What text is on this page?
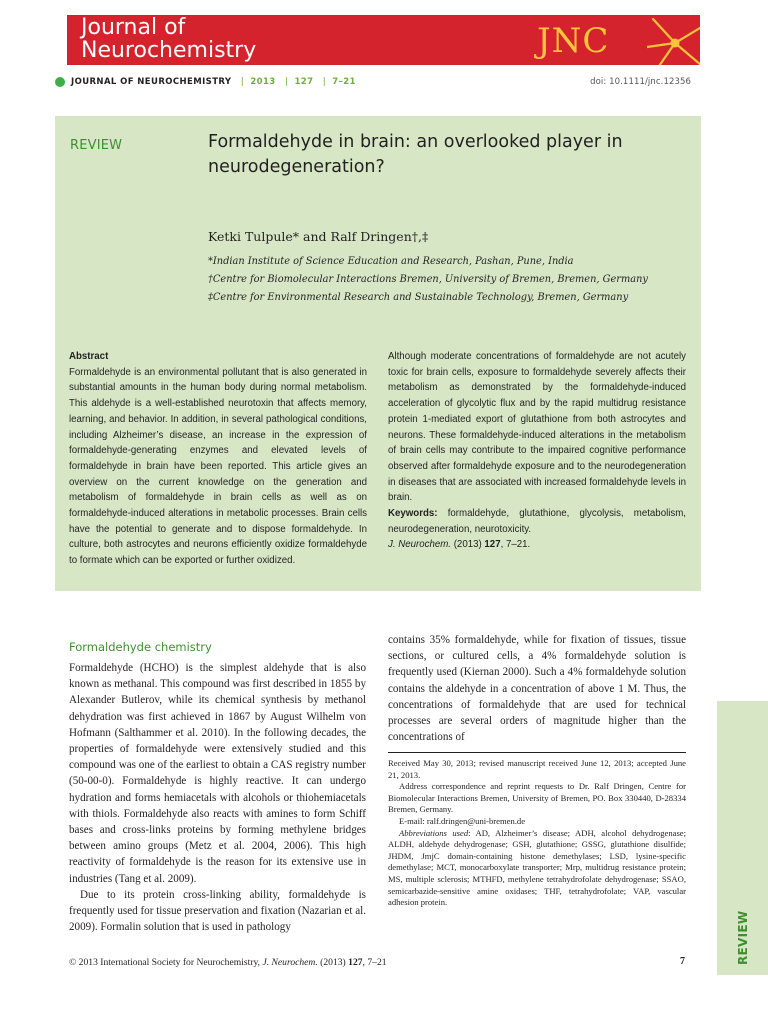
Journal of
Neurochemistry	JNC
JOURNAL OF NEUROCHEMISTRY | 2013 | 127 | 7–21	doi: 10.1111/jnc.12356
REVIEW	Formaldehyde in brain: an overlooked player in
neurodegeneration?
Ketki Tulpule* and Ralf Dringen†,‡
*Indian Institute of Science Education and Research, Pashan, Pune, India
†Centre for Biomolecular Interactions Bremen, University of Bremen, Bremen, Germany
‡Centre for Environmental Research and Sustainable Technology, Bremen, Germany
Abstract

Formaldehyde is an environmental pollutant that is also generated in substantial amounts in the human body during normal metabolism. This aldehyde is a well-established neurotoxin that affects memory, learning, and behavior. In addition, in several pathological conditions, including Alzheimer’s disease, an increase in the expression of formaldehyde-generating enzymes and elevated levels of formaldehyde in brain have been reported. This article gives an overview on the current knowledge on the generation and metabolism of formaldehyde in brain cells as well as on formaldehyde-induced alterations in metabolic processes. Brain cells have the potential to generate and to dispose formaldehyde. In culture, both astrocytes and neurons efficiently oxidize formaldehyde to formate which can be exported or further oxidized.

Although moderate concentrations of formaldehyde are not acutely toxic for brain cells, exposure to formaldehyde severely affects their metabolism as demonstrated by the formaldehyde-induced acceleration of glycolytic flux and by the rapid multidrug resistance protein 1-mediated export of glutathione from both astrocytes and neurons. These formaldehyde-induced alterations in the metabolism of brain cells may contribute to the impaired cognitive performance observed after formaldehyde exposure and to the neurodegeneration in diseases that are associated with increased formaldehyde levels in brain.

Keywords: formaldehyde, glutathione, glycolysis, metabolism, neurodegeneration, neurotoxicity.

J. Neurochem. (2013) 127, 7–21.

Formaldehyde chemistry

Formaldehyde (HCHO) is the simplest aldehyde that is also known as methanal. This compound was first described in 1855 by Alexander Butlerov, while its chemical synthesis by methanol dehydration was first achieved in 1867 by August Wilhelm von Hofmann (Salthammer et al. 2010). In the following decades, the properties of formaldehyde were extensively studied and this compound was one of the earliest to obtain a CAS registry number (50-00-0). Formaldehyde is highly reactive. It can undergo hydration and forms hemiacetals with alcohols or thiohemiacetals with thiols. Formaldehyde also reacts with amines to form Schiff bases and cross-links proteins by forming methylene bridges between amino groups (Metz et al. 2004, 2006). This high reactivity of formaldehyde is the reason for its extensive use in industries (Tang et al. 2009).

Due to its protein cross-linking ability, formaldehyde is frequently used for tissue preservation and fixation (Nazarian et al. 2009). Formalin solution that is used in pathology

contains 35% formaldehyde, while for fixation of tissues, tissue sections, or cultured cells, a 4% formaldehyde solution is frequently used (Kiernan 2000). Such a 4% formaldehyde solution contains the aldehyde in a concentration of above 1 M. Thus, the concentrations of formaldehyde that are used for technical processes are several orders of magnitude higher than the concentrations of

Received May 30, 2013; revised manuscript received June 12, 2013; accepted June 21, 2013.

Address correspondence and reprint requests to Dr. Ralf Dringen, Centre for Biomolecular Interactions Bremen, University of Bremen, PO. Box 330440, D-28334 Bremen, Germany.

E-mail: ralf.dringen@uni-bremen.de

Abbreviations used: AD, Alzheimer’s disease; ADH, alcohol dehydrogenase; ALDH, aldehyde dehydrogenase; GSH, glutathione; GSSG, glutathione disulfide; JHDM, JmjC domain-containing histone demethylases; LSD, lysine-specific demethylase; MCT, monocarboxylate transporter; Mrp, multidrug resistance protein; MS, multiple sclerosis; MTHFD, methylene tetrahydrofolate dehydrogenase; SSAO, semicarbazide-sensitive amine oxidases; THF, tetrahydrofolate; VAP, vascular adhesion protein.

REVIEW
© 2013 International Society for Neurochemistry, J. Neurochem. (2013) 127, 7–21	7
